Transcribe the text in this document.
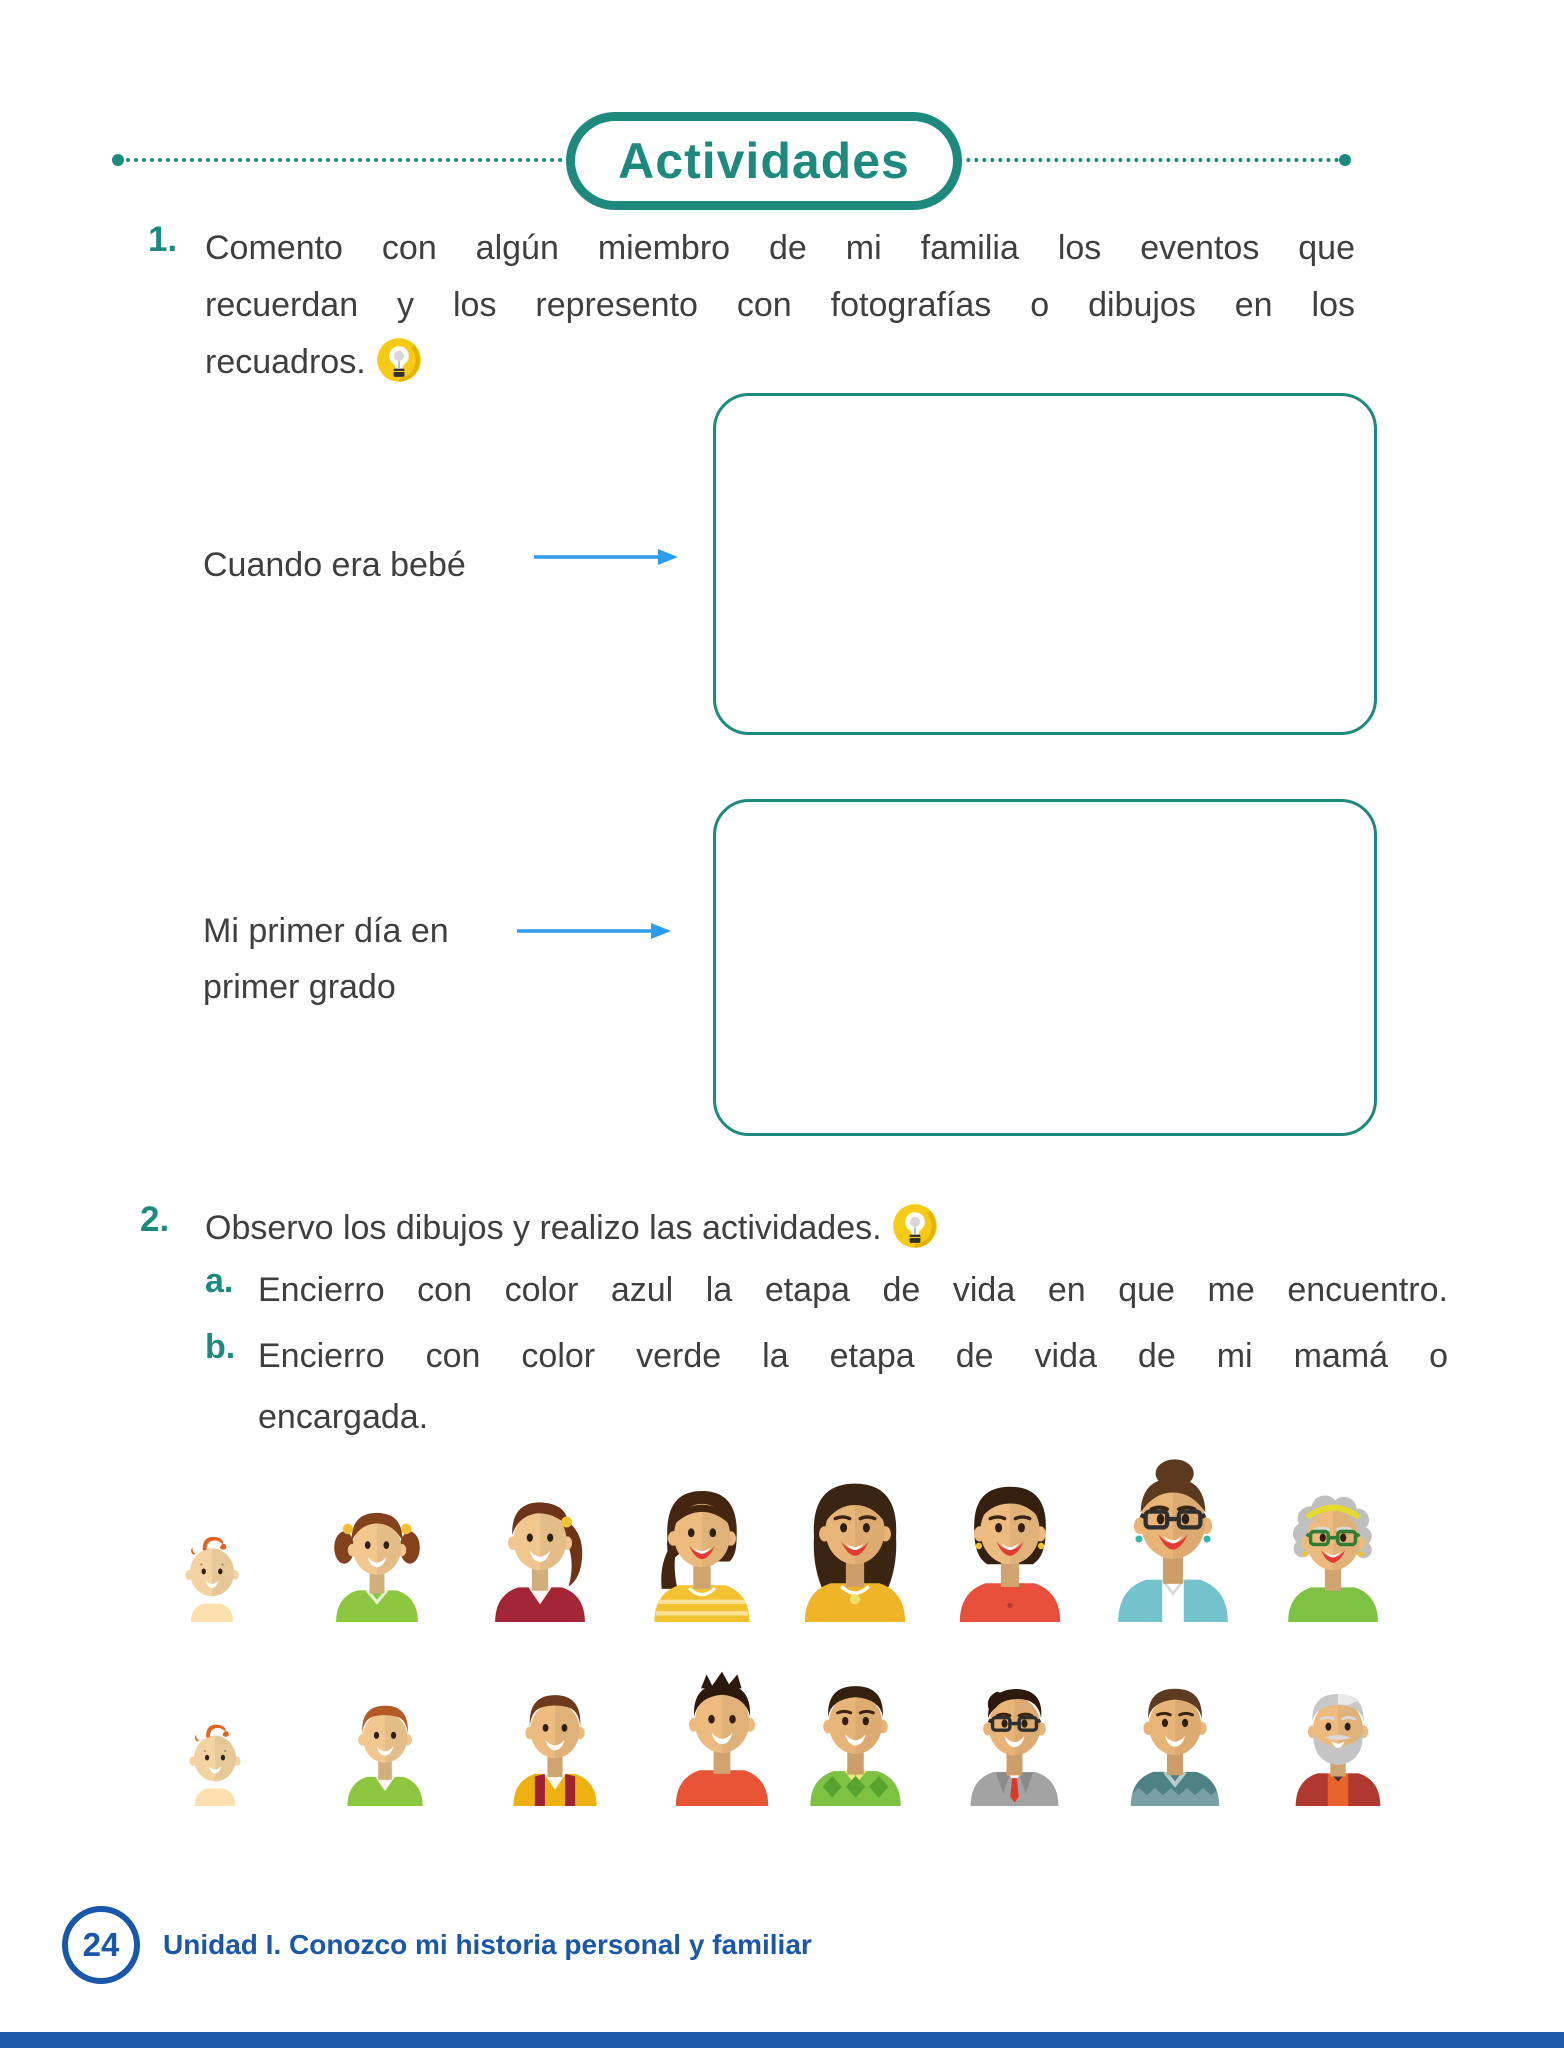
Actividades
1. Comento con algún miembro de mi familia los eventos que
recuerdan y los represento con fotografías o dibujos en los
recuadros.
Cuando era bebé
Mi primer día en
primer grado
2. Observo los dibujos y realizo las actividades.
a. Encierro con color azul la etapa de vida en que me encuentro.
b. Encierro con color verde la etapa de vida de mi mamá o
encargada.
24 Unidad I. Conozco mi historia personal y familiar
